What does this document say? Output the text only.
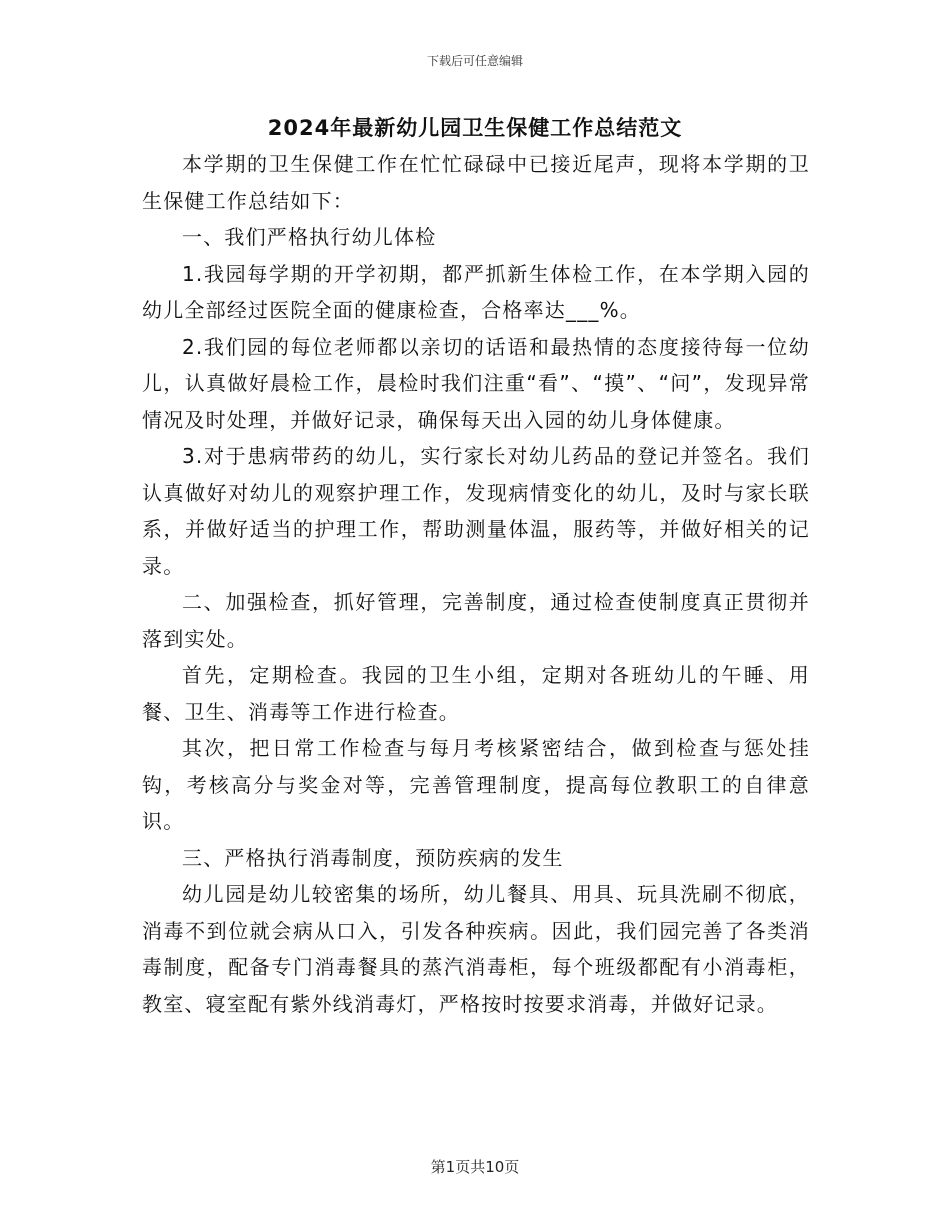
下载后可任意编辑
2024年最新幼儿园卫生保健工作总结范文

本学期的卫生保健工作在忙忙碌碌中已接近尾声，现将本学期的卫生保健工作总结如下：

一、我们严格执行幼儿体检

1.我园每学期的开学初期，都严抓新生体检工作，在本学期入园的幼儿全部经过医院全面的健康检查，合格率达___%。

2.我们园的每位老师都以亲切的话语和最热情的态度接待每一位幼儿，认真做好晨检工作，晨检时我们注重“看”、“摸”、“问”，发现异常情况及时处理，并做好记录，确保每天出入园的幼儿身体健康。

3.对于患病带药的幼儿，实行家长对幼儿药品的登记并签名。我们认真做好对幼儿的观察护理工作，发现病情变化的幼儿，及时与家长联系，并做好适当的护理工作，帮助测量体温，服药等，并做好相关的记录。

二、加强检查，抓好管理，完善制度，通过检查使制度真正贯彻并落到实处。

首先，定期检查。我园的卫生小组，定期对各班幼儿的午睡、用餐、卫生、消毒等工作进行检查。

其次，把日常工作检查与每月考核紧密结合，做到检查与惩处挂钩，考核高分与奖金对等，完善管理制度，提高每位教职工的自律意识。

三、严格执行消毒制度，预防疾病的发生

幼儿园是幼儿较密集的场所，幼儿餐具、用具、玩具洗刷不彻底，消毒不到位就会病从口入，引发各种疾病。因此，我们园完善了各类消毒制度，配备专门消毒餐具的蒸汽消毒柜，每个班级都配有小消毒柜，教室、寝室配有紫外线消毒灯，严格按时按要求消毒，并做好记录。

第1页共10页
